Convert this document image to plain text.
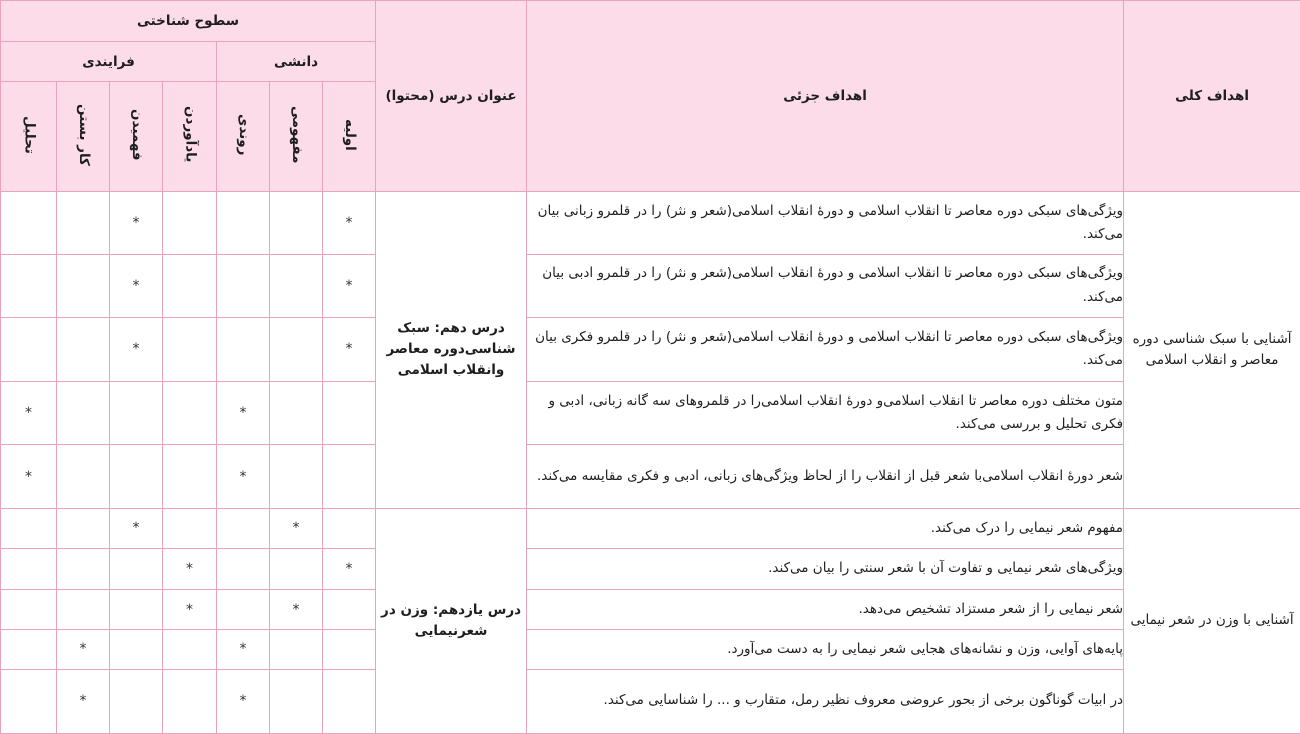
اهداف کلی	اهداف جزئی	عنوان درس (محتوا)	سطوح شناختی						
			دانشی			فرایندی			
			اولیه	مفهومی	روندی	یادآوردن	فهمیدن	کار بستن	تحلیل
آشنایی با سبک شناسی دوره معاصر و انقلاب اسلامی	ویژگی‌های سبکی دوره معاصر تا انقلاب اسلامی و دورهٔ انقلاب اسلامی(شعر و نثر) را در قلمرو زبانی بیان می‌کند.	درس دهم: سبک شناسی‌دوره معاصر وانقلاب اسلامی	*				*		
	ویژگی‌های سبکی دوره معاصر تا انقلاب اسلامی و دورهٔ انقلاب اسلامی(شعر و نثر) را در قلمرو ادبی بیان می‌کند.		*				*		
	ویژگی‌های سبکی دوره معاصر تا انقلاب اسلامی و دورهٔ انقلاب اسلامی(شعر و نثر) را در قلمرو فکری بیان می‌کند.		*				*		
	متون مختلف دوره معاصر تا انقلاب اسلامی‌و دورهٔ انقلاب اسلامی‌را در قلمروهای سه گانه زبانی، ادبی و فکری تحلیل و بررسی می‌کند.				*				*
	شعر دورهٔ انقلاب اسلامی‌با شعر قبل از انقلاب را از لحاظ ویژگی‌های زبانی، ادبی و فکری مقایسه می‌کند.				*				*
آشنایی با وزن در شعر نیمایی	مفهوم شعر نیمایی را درک می‌کند.	درس یازدهم: وزن در شعر‌نیمایی		*			*		
	ویژگی‌های شعر نیمایی و تفاوت آن با شعر سنتی را بیان می‌کند.		*			*			
	شعر نیمایی را از شعر مستزاد تشخیص می‌دهد.			*		*			
	پایه‌های آوایی، وزن و نشانه‌های هجایی شعر نیمایی را به دست می‌آورد.				*			*	
	در ابیات گوناگون برخی از بحور عروضی معروف نظیر رمل، متقارب و ... را شناسایی می‌کند.				*			*	
